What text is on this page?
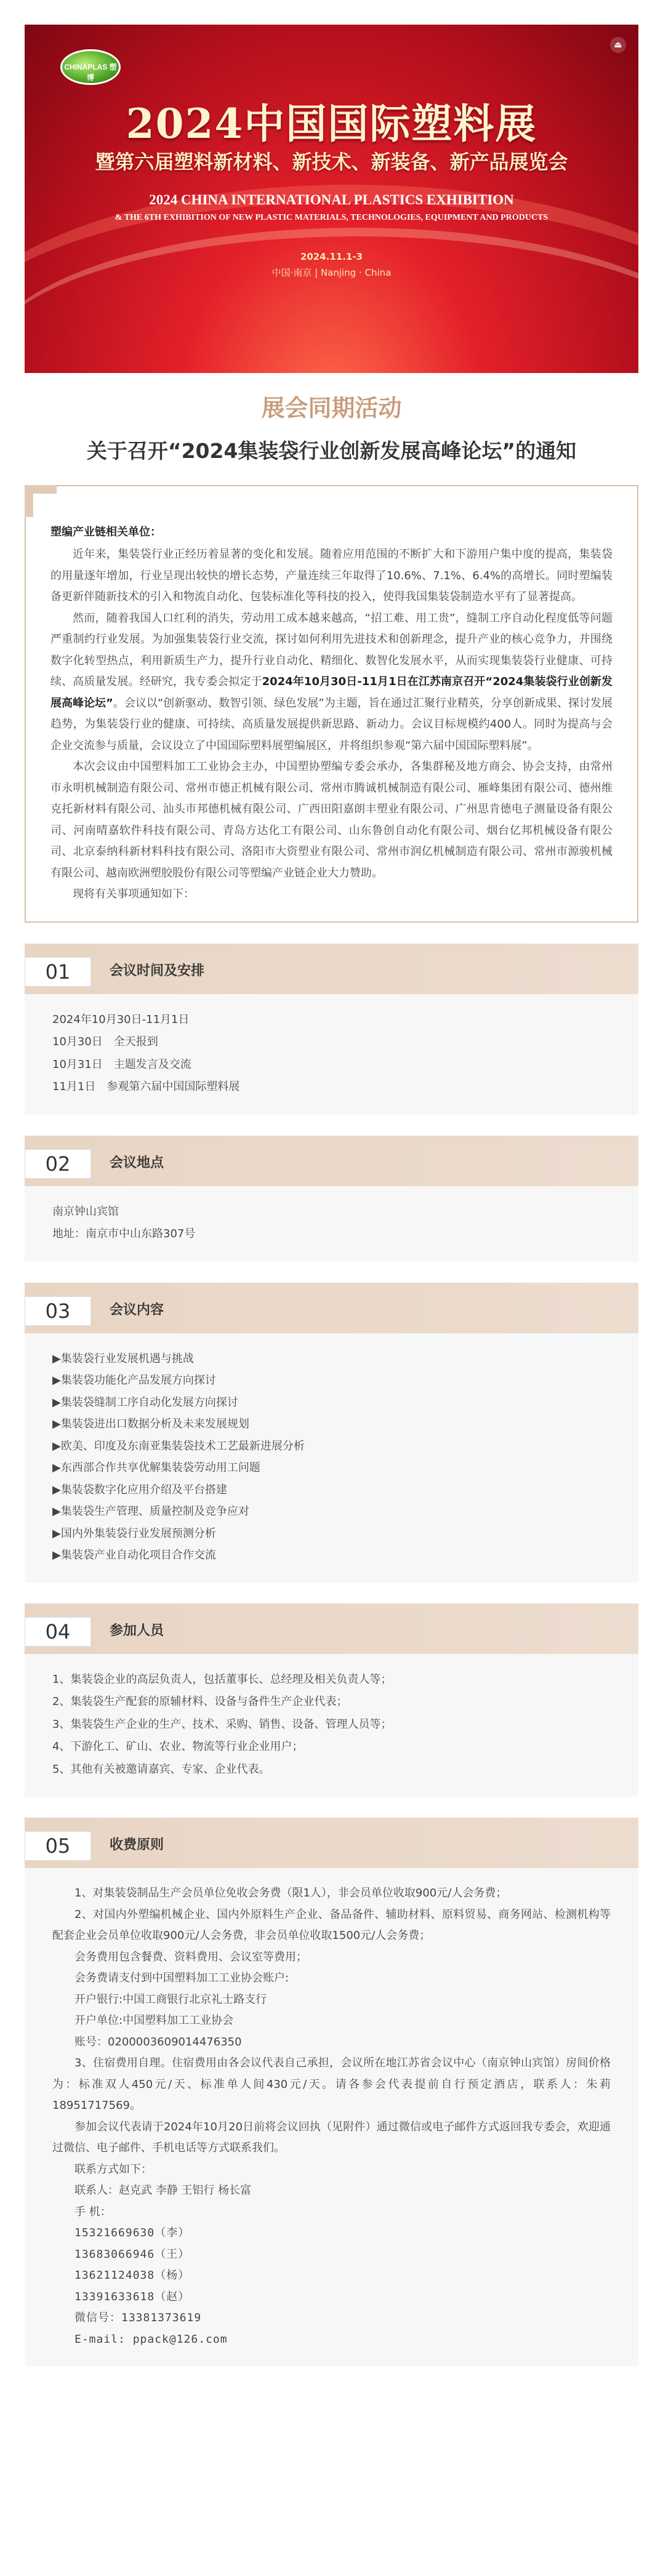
CHINAPLAS 塑博
⏏
2024中国国际塑料展
暨第六届塑料新材料、新技术、新装备、新产品展览会
2024 CHINA INTERNATIONAL PLASTICS EXHIBITION
& THE 6TH EXHIBITION OF NEW PLASTIC MATERIALS, TECHNOLOGIES, EQUIPMENT AND PRODUCTS
2024.11.1-3
中国·南京 | Nanjing · China
展会同期活动
关于召开“2024集装袋行业创新发展高峰论坛”的通知
塑编产业链相关单位：

近年来，集装袋行业正经历着显著的变化和发展。随着应用范围的不断扩大和下游用户集中度的提高，集装袋的用量逐年增加，行业呈现出较快的增长态势，产量连续三年取得了10.6%、7.1%、6.4%的高增长。同时塑编装备更新伴随新技术的引入和物流自动化、包装标准化等科技的投入，使得我国集装袋制造水平有了显著提高。

然而，随着我国人口红利的消失，劳动用工成本越来越高，“招工难、用工贵”，缝制工序自动化程度低等问题严重制约行业发展。为加强集装袋行业交流，探讨如何利用先进技术和创新理念，提升产业的核心竞争力，并围绕数字化转型热点，利用新质生产力，提升行业自动化、精细化、数智化发展水平，从而实现集装袋行业健康、可持续、高质量发展。经研究，我专委会拟定于2024年10月30日-11月1日在江苏南京召开“2024集装袋行业创新发展高峰论坛”。会议以“创新驱动、数智引领、绿色发展”为主题，旨在通过汇聚行业精英，分享创新成果、探讨发展趋势，为集装袋行业的健康、可持续、高质量发展提供新思路、新动力。会议目标规模约400人。同时为提高与会企业交流参与质量，会议设立了中国国际塑料展塑编展区，并将组织参观“第六届中国国际塑料展”。

本次会议由中国塑料加工工业协会主办，中国塑协塑编专委会承办，各集群秘及地方商会、协会支持，由常州市永明机械制造有限公司、常州市德正机械有限公司、常州市腾诚机械制造有限公司、雁峰集团有限公司、德州维克托新材料有限公司、汕头市邦德机械有限公司、广西田阳嘉朗丰塑业有限公司、广州思肯德电子测量设备有限公司、河南晴嘉软件科技有限公司、青岛方达化工有限公司、山东鲁创自动化有限公司、烟台亿邦机械设备有限公司、北京泰纳科新材料科技有限公司、洛阳市大资塑业有限公司、常州市润亿机械制造有限公司、常州市源骏机械有限公司、越南欧洲塑胶股份有限公司等塑编产业链企业大力赞助。

现将有关事项通知如下：

01	会议时间及安排
2024年10月30日-11月1日
10月30日　全天报到
10月31日　主题发言及交流
11月1日　参观第六届中国国际塑料展
02	会议地点
南京钟山宾馆
地址：南京市中山东路307号
03	会议内容
▶集装袋行业发展机遇与挑战
▶集装袋功能化产品发展方向探讨
▶集装袋缝制工序自动化发展方向探讨
▶集装袋进出口数据分析及未来发展规划
▶欧美、印度及东南亚集装袋技术工艺最新进展分析
▶东西部合作共享优解集装袋劳动用工问题
▶集装袋数字化应用介绍及平台搭建
▶集装袋生产管理、质量控制及竞争应对
▶国内外集装袋行业发展预测分析
▶集装袋产业自动化项目合作交流
04	参加人员
1、集装袋企业的高层负责人，包括董事长、总经理及相关负责人等；
2、集装袋生产配套的原辅材料、设备与备件生产企业代表；
3、集装袋生产企业的生产、技术、采购、销售、设备、管理人员等；
4、下游化工、矿山、农业、物流等行业企业用户；
5、其他有关被邀请嘉宾、专家、企业代表。
05	收费原则

1、对集装袋制品生产会员单位免收会务费（限1人），非会员单位收取900元/人会务费；

2、对国内外塑编机械企业、国内外原料生产企业、备品备件、辅助材料、原料贸易、商务网站、检测机构等配套企业会员单位收取900元/人会务费，非会员单位收取1500元/人会务费；

会务费用包含餐费、资料费用、会议室等费用；
会务费请支付到中国塑料加工工业协会账户:
开户银行:中国工商银行北京礼士路支行
开户单位:中国塑料加工工业协会
账号：0200003609014476350

3、住宿费用自理。住宿费用由各会议代表自己承担，会议所在地江苏省会议中心（南京钟山宾馆）房间价格为：标准双人450元/天、标准单人间430元/天。请各参会代表提前自行预定酒店，联系人：朱莉18951717569。

参加会议代表请于2024年10月20日前将会议回执（见附件）通过微信或电子邮件方式返回我专委会，欢迎通过微信、电子邮件、手机电话等方式联系我们。

联系方式如下：
联系人：赵克武 李静 王铝行 杨长富
手 机：
15321669630（李）
13683066946（王）
13621124038（杨）
13391633618（赵）
微信号：13381373619
E-mail: ppack@126.com
